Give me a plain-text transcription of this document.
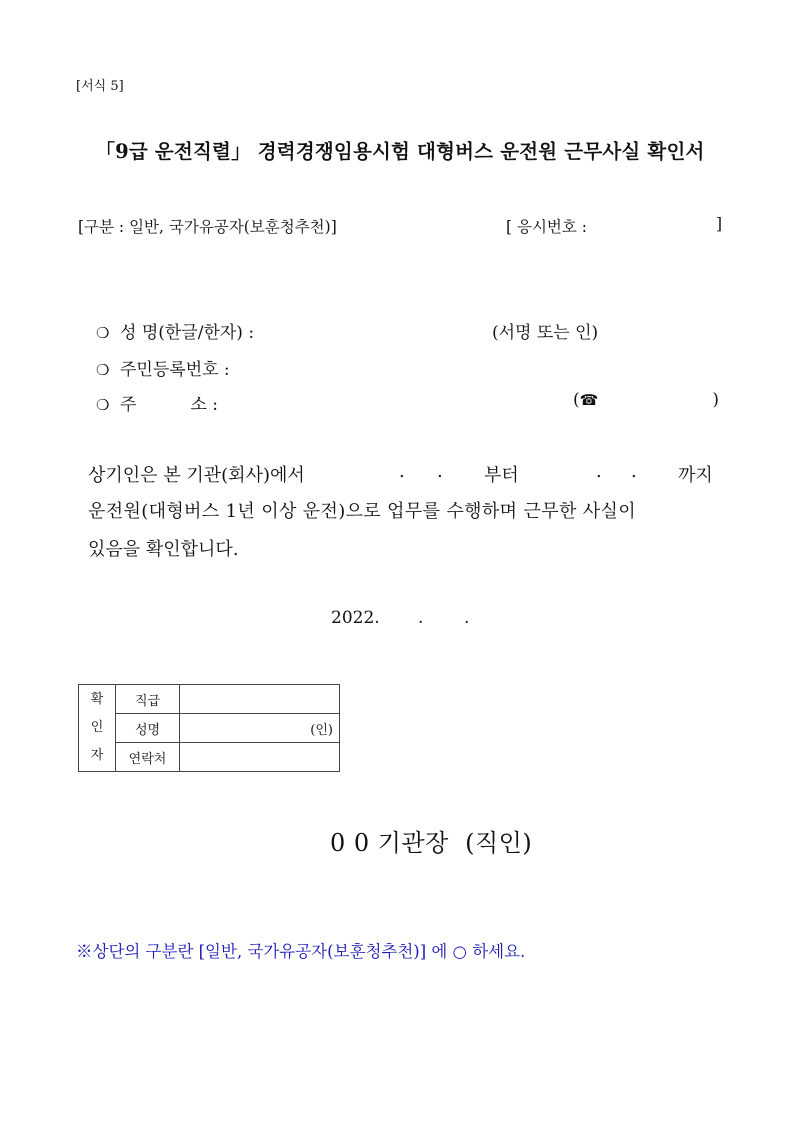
[서식 5]
「9급 운전직렬」 경력경쟁임용시험 대형버스 운전원 근무사실 확인서
[구분 : 일반, 국가유공자(보훈청추천)]	[ 응시번호 :	]
❍ 성 명(한글/한자) :	(서명 또는 인)
❍ 주민등록번호 :
❍ 주          소 :	(☎	)
상기인은 본 기관(회사)에서	. . 부터	. . 까지
운전원(대형버스 1년 이상 운전)으로 업무를 수행하며 근무한 사실이
있음을 확인합니다.
2022. . .
확
인
자	직급	
	성명	(인)
	연락처	
0 0 기관장  (직인)
※상단의 구분란 [일반, 국가유공자(보훈청추천)] 에 ○ 하세요.
